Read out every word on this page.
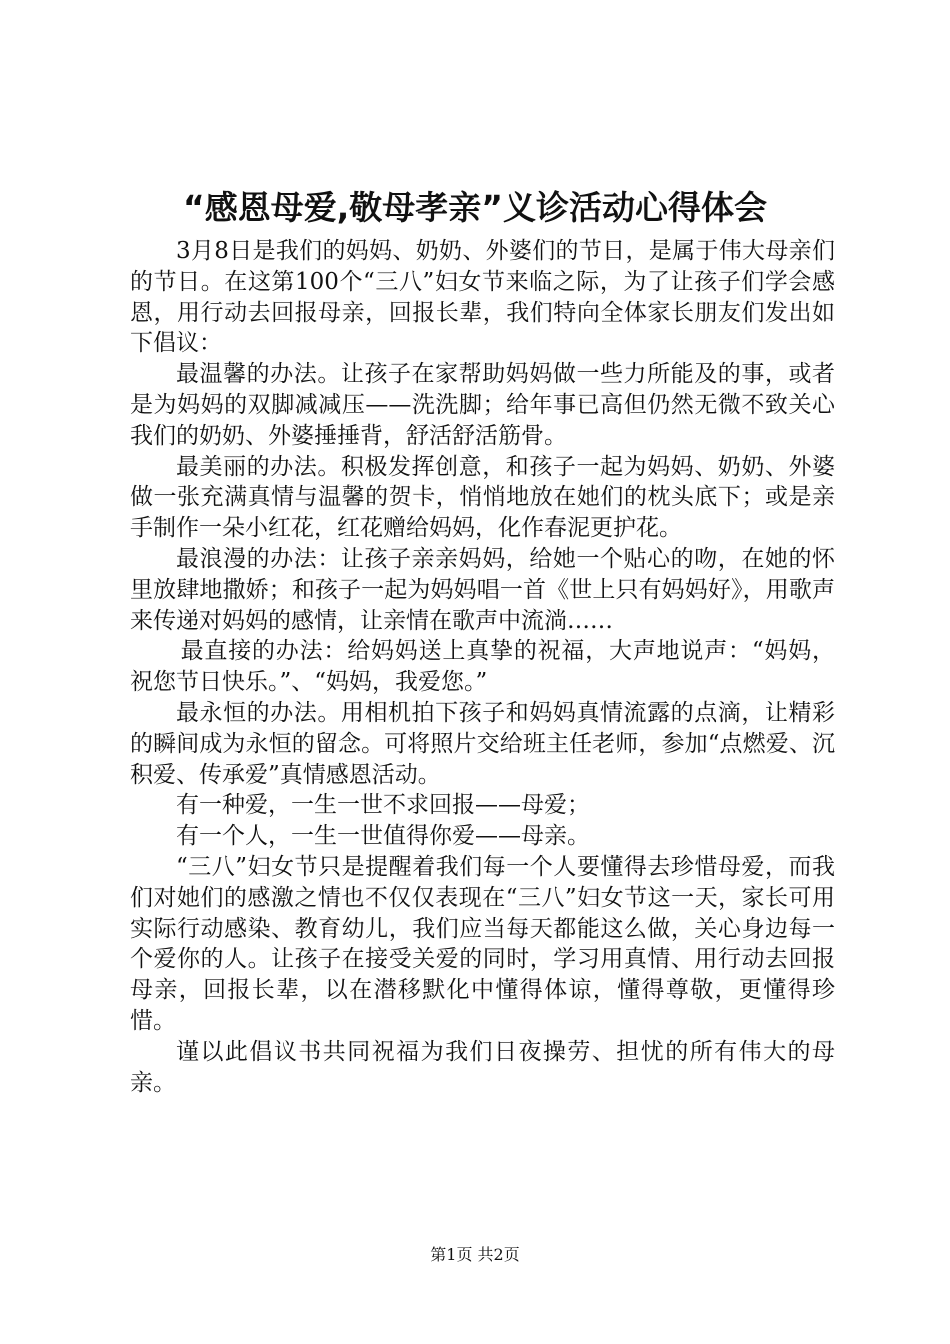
“感恩母爱,敬母孝亲”义诊活动心得体会

3月8日是我们的妈妈、奶奶、外婆们的节日，是属于伟大母亲们的节日。在这第100个“三八”妇女节来临之际，为了让孩子们学会感恩，用行动去回报母亲，回报长辈，我们特向全体家长朋友们发出如下倡议：

最温馨的办法。让孩子在家帮助妈妈做一些力所能及的事，或者是为妈妈的双脚减减压——洗洗脚；给年事已高但仍然无微不致关心我们的奶奶、外婆捶捶背，舒活舒活筋骨。

最美丽的办法。积极发挥创意，和孩子一起为妈妈、奶奶、外婆做一张充满真情与温馨的贺卡，悄悄地放在她们的枕头底下；或是亲手制作一朵小红花，红花赠给妈妈，化作春泥更护花。

最浪漫的办法：让孩子亲亲妈妈，给她一个贴心的吻，在她的怀里放肆地撒娇；和孩子一起为妈妈唱一首《世上只有妈妈好》，用歌声来传递对妈妈的感情，让亲情在歌声中流淌……

最直接的办法：给妈妈送上真挚的祝福，大声地说声：“妈妈，祝您节日快乐。”、“妈妈，我爱您。”

最永恒的办法。用相机拍下孩子和妈妈真情流露的点滴，让精彩的瞬间成为永恒的留念。可将照片交给班主任老师，参加“点燃爱、沉积爱、传承爱”真情感恩活动。

有一种爱，一生一世不求回报——母爱；

有一个人，一生一世值得你爱——母亲。

“三八”妇女节只是提醒着我们每一个人要懂得去珍惜母爱，而我们对她们的感激之情也不仅仅表现在“三八”妇女节这一天，家长可用实际行动感染、教育幼儿，我们应当每天都能这么做，关心身边每一个爱你的人。让孩子在接受关爱的同时，学习用真情、用行动去回报母亲，回报长辈，以在潜移默化中懂得体谅，懂得尊敬，更懂得珍惜。

谨以此倡议书共同祝福为我们日夜操劳、担忧的所有伟大的母亲。

第1页 共2页
